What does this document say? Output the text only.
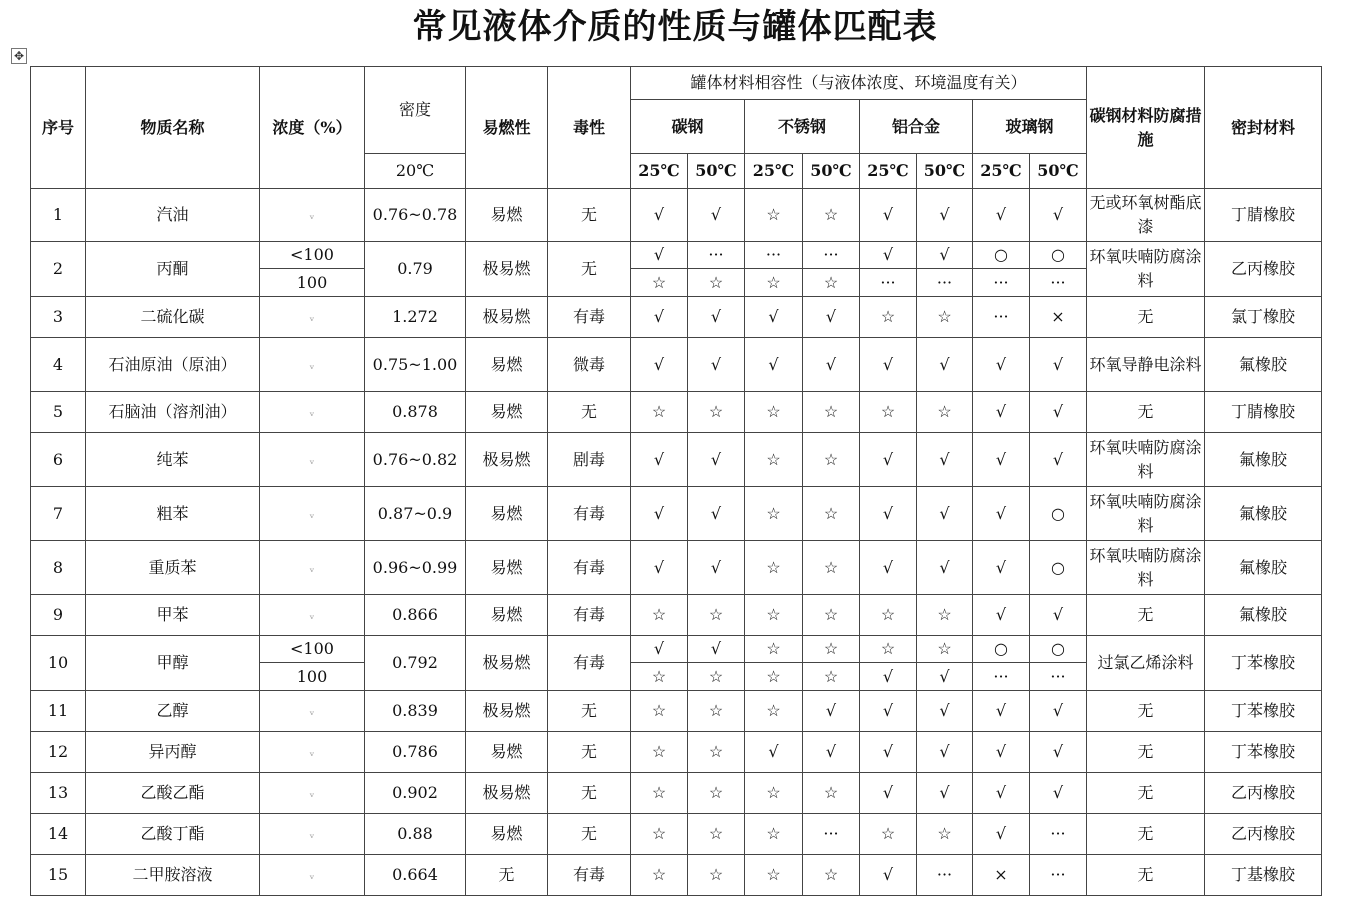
常见液体介质的性质与罐体匹配表
✥
序号	物质名称	浓度（%）	密度	易燃性	毒性	罐体材料相容性（与液体浓度、环境温度有关）								碳钢材料防腐措施	密封材料
						碳钢		不锈钢		铝合金		玻璃钢			
			20℃			25℃	50℃	25℃	50℃	25℃	50℃	25℃	50℃		
1	汽油	ᵥ	0.76~0.78	易燃	无	√	√	☆	☆	√	√	√	√	无或环氧树酯底漆	丁腈橡胶
2	丙酮	<100	0.79	极易燃	无	√	···	···	···	√	√	○	○	环氧呋喃防腐涂料	乙丙橡胶
		100				☆	☆	☆	☆	···	···	···	···		
3	二硫化碳	ᵥ	1.272	极易燃	有毒	√	√	√	√	☆	☆	···	×	无	氯丁橡胶
4	石油原油（原油）	ᵥ	0.75~1.00	易燃	微毒	√	√	√	√	√	√	√	√	环氧导静电涂料	氟橡胶
5	石脑油（溶剂油）	ᵥ	0.878	易燃	无	☆	☆	☆	☆	☆	☆	√	√	无	丁腈橡胶
6	纯苯	ᵥ	0.76~0.82	极易燃	剧毒	√	√	☆	☆	√	√	√	√	环氧呋喃防腐涂料	氟橡胶
7	粗苯	ᵥ	0.87~0.9	易燃	有毒	√	√	☆	☆	√	√	√	○	环氧呋喃防腐涂料	氟橡胶
8	重质苯	ᵥ	0.96~0.99	易燃	有毒	√	√	☆	☆	√	√	√	○	环氧呋喃防腐涂料	氟橡胶
9	甲苯	ᵥ	0.866	易燃	有毒	☆	☆	☆	☆	☆	☆	√	√	无	氟橡胶
10	甲醇	<100	0.792	极易燃	有毒	√	√	☆	☆	☆	☆	○	○	过氯乙烯涂料	丁苯橡胶
		100				☆	☆	☆	☆	√	√	···	···		
11	乙醇	ᵥ	0.839	极易燃	无	☆	☆	☆	√	√	√	√	√	无	丁苯橡胶
12	异丙醇	ᵥ	0.786	易燃	无	☆	☆	√	√	√	√	√	√	无	丁苯橡胶
13	乙酸乙酯	ᵥ	0.902	极易燃	无	☆	☆	☆	☆	√	√	√	√	无	乙丙橡胶
14	乙酸丁酯	ᵥ	0.88	易燃	无	☆	☆	☆	···	☆	☆	√	···	无	乙丙橡胶
15	二甲胺溶液	ᵥ	0.664	无	有毒	☆	☆	☆	☆	√	···	×	···	无	丁基橡胶
